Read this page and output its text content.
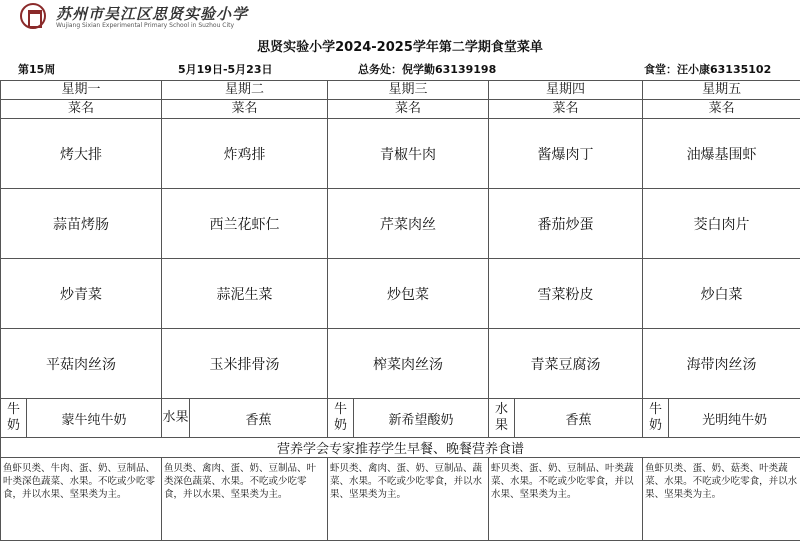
苏州市吴江区思贤实验小学
Wujiang Sixian Experimental Primary School in Suzhou City
思贤实验小学2024-2025学年第二学期食堂菜单
第15周	5月19日-5月23日	总务处：倪学勤63139198	食堂：汪小康63135102
星期一		星期二		星期三		星期四		星期五	
菜名		菜名		菜名		菜名		菜名	
烤大排		炸鸡排		青椒牛肉		酱爆肉丁		油爆基围虾	
蒜苗烤肠		西兰花虾仁		芹菜肉丝		番茄炒蛋		茭白肉片	
炒青菜		蒜泥生菜		炒包菜		雪菜粉皮		炒白菜	
平菇肉丝汤		玉米排骨汤		榨菜肉丝汤		青菜豆腐汤		海带肉丝汤	
牛奶	蒙牛纯牛奶	水果	香蕉	牛奶	新希望酸奶	水果	香蕉	牛奶	光明纯牛奶
营养学会专家推荐学生早餐、晚餐营养食谱									
鱼虾贝类、牛肉、蛋、奶、豆制品、叶类深色蔬菜、水果。不吃或少吃零食，并以水果、坚果类为主。		鱼贝类、禽肉、蛋、奶、豆制品、叶类深色蔬菜、水果。不吃或少吃零食，并以水果、坚果类为主。		虾贝类、禽肉、蛋、奶、豆制品、蔬菜、水果。不吃或少吃零食，并以水果、坚果类为主。		虾贝类、蛋、奶、豆制品、叶类蔬菜、水果。不吃或少吃零食，并以水果、坚果类为主。		鱼虾贝类、蛋、奶、菇类、叶类蔬菜、水果。不吃或少吃零食，并以水果、坚果类为主。	
